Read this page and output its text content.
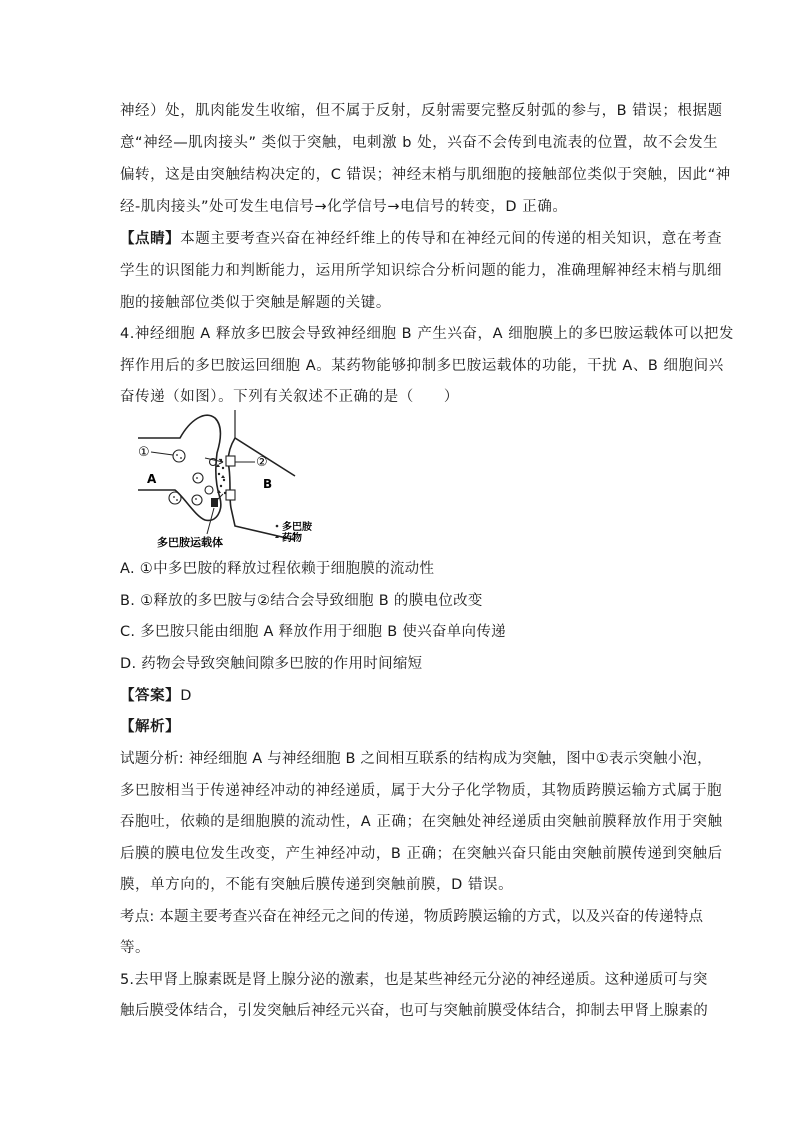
神经）处，肌肉能发生收缩，但不属于反射，反射需要完整反射弧的参与，B 错误；根据题
意“神经—肌肉接头” 类似于突触，电刺激 b 处，兴奋不会传到电流表的位置，故不会发生
偏转，这是由突触结构决定的，C 错误；神经末梢与肌细胞的接触部位类似于突触，因此“神
经-肌肉接头”处可发生电信号→化学信号→电信号的转变，D 正确。
【点睛】本题主要考查兴奋在神经纤维上的传导和在神经元间的传递的相关知识，意在考查
学生的识图能力和判断能力，运用所学知识综合分析问题的能力，准确理解神经末梢与肌细
胞的接触部位类似于突触是解题的关键。
4.神经细胞 A 释放多巴胺会导致神经细胞 B 产生兴奋，A 细胞膜上的多巴胺运载体可以把发
挥作用后的多巴胺运回细胞 A。某药物能够抑制多巴胺运载体的功能，干扰 A、B 细胞间兴
奋传递（如图）。下列有关叙述不正确的是（　　）
①
②
A	B
多巴胺运载体
多巴胺
药物
A. ①中多巴胺的释放过程依赖于细胞膜的流动性
B. ①释放的多巴胺与②结合会导致细胞 B 的膜电位改变
C. 多巴胺只能由细胞 A 释放作用于细胞 B 使兴奋单向传递
D. 药物会导致突触间隙多巴胺的作用时间缩短
【答案】D
【解析】
试题分析: 神经细胞 A 与神经细胞 B 之间相互联系的结构成为突触，图中①表示突触小泡，
多巴胺相当于传递神经冲动的神经递质，属于大分子化学物质，其物质跨膜运输方式属于胞
吞胞吐，依赖的是细胞膜的流动性，A 正确；在突触处神经递质由突触前膜释放作用于突触
后膜的膜电位发生改变，产生神经冲动，B 正确；在突触兴奋只能由突触前膜传递到突触后
膜，单方向的，不能有突触后膜传递到突触前膜，D 错误。
考点: 本题主要考查兴奋在神经元之间的传递，物质跨膜运输的方式，以及兴奋的传递特点
等。
5.去甲肾上腺素既是肾上腺分泌的激素，也是某些神经元分泌的神经递质。这种递质可与突
触后膜受体结合，引发突触后神经元兴奋，也可与突触前膜受体结合，抑制去甲肾上腺素的
